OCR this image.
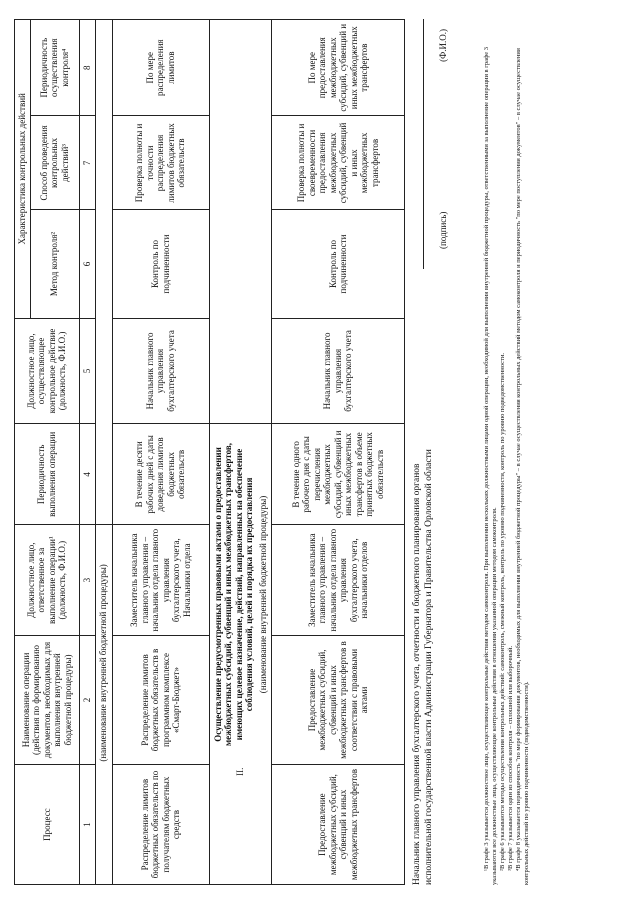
Процесс	Наименование операции (действия по формированию документов, необходимых для выполнения внутренней бюджетной процедуры)	Должностное лицо, ответственное за выполнение операции¹ (должность, Ф.И.О.)	Периодичность выполнения операции	Должностное лицо, осуществляющее контрольное действие (должность, Ф.И.О.)	Характеристика контрольных действий		
					Метод контроля²	Способ проведения контрольных действий³	Периодичность осуществления контроля⁴
1	2	3	4	5	6	7	8
	(наименование внутренней бюджетной процедуры)						
Распределение лимитов бюджетных обязательств по получателям бюджетных средств	Распределение лимитов бюджетных обязательств в программном комплексе «Смарт-Бюджет»	Заместитель начальника главного управления – начальник отдела главного управления бухгалтерского учета, Начальники отдела	В течение десяти рабочих дней с даты доведения лимитов бюджетных обязательств	Начальник главного управления бухгалтерского учета	Контроль по подчиненности	Проверка полноты и точности распределения лимитов бюджетных обязательств	По мере распределения лимитов
II.	Осуществление предусмотренных правовыми актами о предоставлении межбюджетных субсидий, субвенций и иных межбюджетных трансфертов, имеющих целевое назначение, действий, направленных на обеспечение соблюдения условий, целей и порядка их предоставления (наименование внутренней бюджетной процедуры)						

Предоставление межбюджетных субсидий, субвенций и иных межбюджетных трансфертов	Предоставление межбюджетных субсидий, субвенций и иных межбюджетных трансфертов в соответствии с правовыми актами	Заместитель начальника главного управления – начальник отдела главного управления бухгалтерского учета, начальники отделов	В течение одного рабочего дня с даты перечисления межбюджетных субсидий, субвенций и иных межбюджетных трансфертов в объеме принятых бюджетных обязательств	Начальник главного управления бухгалтерского учета	Контроль по подчиненности	Проверка полноты и своевременности предоставления межбюджетных субсидий, субвенций и иных межбюджетных трансфертов	По мере предоставления межбюджетных субсидий, субвенций и иных межбюджетных трансфертов
Начальник главного управления бухгалтерского учета, отчетности и бюджетного планирования органов исполнительной государственной власти Администрации Губернатора и Правительства Орловской области
(подпись)
(Ф.И.О.)

¹В графе 3 указывается должностное лицо, осуществляющее контрольные действия методом самоконтроля. При выполнении нескольких должностными лицами одной операции, необходимой для выполнения внутренней бюджетной процедуры, ответственными за выполнение операции в графе 3 указываются все должностные лица, осуществляющие контрольные действия в отношении указанной операции методом самоконтроля. ²В графе 6 указываются методы осуществления контрольных действий: самоконтроль, смежный контроль, контроль по уровню подчиненности, контроль по уровню подведомственности. ³В графе 7 указывается один из способов контроля – сплошной или выборочный. ⁴В графе 8 указывается периодичность "по мере формирования документов, необходимых для выполнения внутренней бюджетной процедуры" – в случае осуществления контрольных действий методом самоконтроля и периодичность "по мере поступления документов" – в случае осуществления контрольных действий по уровню подчиненности (подведомственности).
